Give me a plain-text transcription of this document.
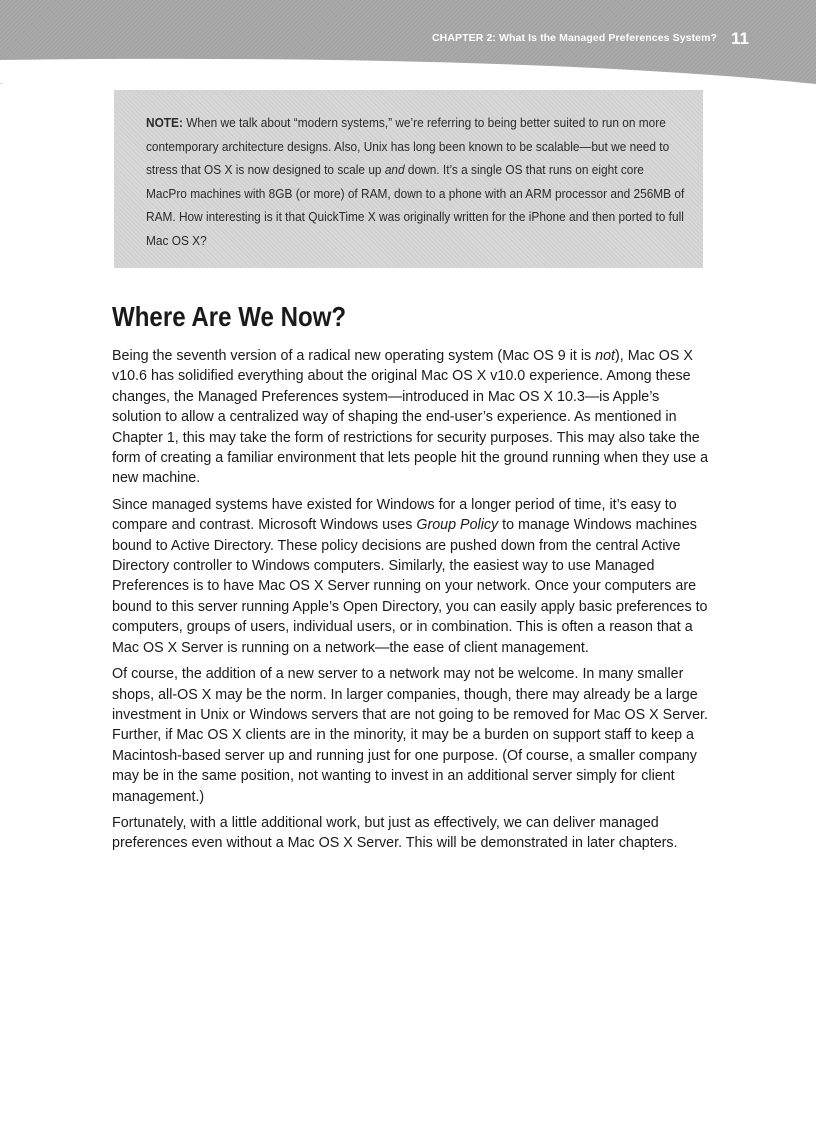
CHAPTER 2: What Is the Managed Preferences System? 11

NOTE: When we talk about “modern systems,” we’re referring to being better suited to run on more contemporary architecture designs. Also, Unix has long been known to be scalable—but we need to stress that OS X is now designed to scale up and down. It’s a single OS that runs on eight core MacPro machines with 8GB (or more) of RAM, down to a phone with an ARM processor and 256MB of RAM. How interesting is it that QuickTime X was originally written for the iPhone and then ported to full Mac OS X?

Where Are We Now?

Being the seventh version of a radical new operating system (Mac OS 9 it is not), Mac OS X v10.6 has solidified everything about the original Mac OS X v10.0 experience. Among these changes, the Managed Preferences system—introduced in Mac OS X 10.3—is Apple’s solution to allow a centralized way of shaping the end-user’s experience. As mentioned in Chapter 1, this may take the form of restrictions for security purposes. This may also take the form of creating a familiar environment that lets people hit the ground running when they use a new machine.

Since managed systems have existed for Windows for a longer period of time, it’s easy to compare and contrast. Microsoft Windows uses Group Policy to manage Windows machines bound to Active Directory. These policy decisions are pushed down from the central Active Directory controller to Windows computers. Similarly, the easiest way to use Managed Preferences is to have Mac OS X Server running on your network. Once your computers are bound to this server running Apple’s Open Directory, you can easily apply basic preferences to computers, groups of users, individual users, or in combination. This is often a reason that a Mac OS X Server is running on a network—the ease of client management.

Of course, the addition of a new server to a network may not be welcome. In many smaller shops, all-OS X may be the norm. In larger companies, though, there may already be a large investment in Unix or Windows servers that are not going to be removed for Mac OS X Server. Further, if Mac OS X clients are in the minority, it may be a burden on support staff to keep a Macintosh-based server up and running just for one purpose. (Of course, a smaller company may be in the same position, not wanting to invest in an additional server simply for client management.)

Fortunately, with a little additional work, but just as effectively, we can deliver managed preferences even without a Mac OS X Server. This will be demonstrated in later chapters.
